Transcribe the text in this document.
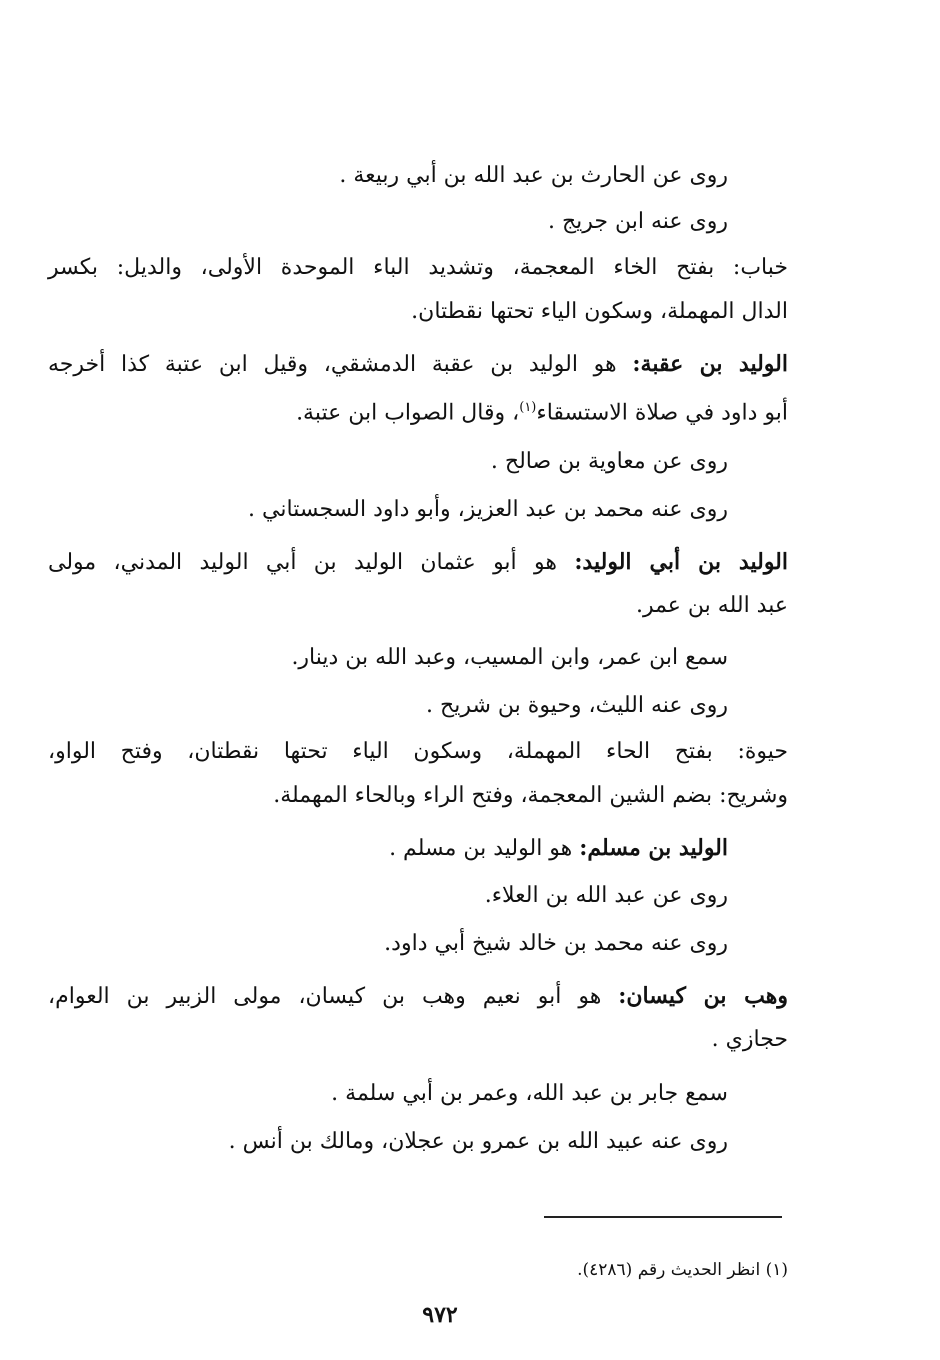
روى عن الحارث بن عبد الله بن أبي ربيعة .
روى عنه ابن جريج .
خباب: بفتح الخاء المعجمة، وتشديد الباء الموحدة الأولى، والديل: بكسر
الدال المهملة، وسكون الياء تحتها نقطتان.
الوليد بن عقبة: هو الوليد بن عقبة الدمشقي، وقيل ابن عتبة كذا أخرجه
أبو داود في صلاة الاستسقاء$^{(١)}$، وقال الصواب ابن عتبة.
روى عن معاوية بن صالح .
روى عنه محمد بن عبد العزيز، وأبو داود السجستاني .
الوليد بن أبي الوليد: هو أبو عثمان الوليد بن أبي الوليد المدني، مولى
عبد الله بن عمر.
سمع ابن عمر، وابن المسيب، وعبد الله بن دينار.
روى عنه الليث، وحيوة بن شريح .
حيوة: بفتح الحاء المهملة، وسكون الياء تحتها نقطتان، وفتح الواو،
وشريح: بضم الشين المعجمة، وفتح الراء وبالحاء المهملة.
الوليد بن مسلم: هو الوليد بن مسلم .
روى عن عبد الله بن العلاء.
روى عنه محمد بن خالد شيخ أبي داود.
وهب بن كيسان: هو أبو نعيم وهب بن كيسان، مولى الزبير بن العوام،
حجازي .
سمع جابر بن عبد الله، وعمر بن أبي سلمة .
روى عنه عبيد الله بن عمرو بن عجلان، ومالك بن أنس .
(١) انظر الحديث رقم (٤٢٨٦).
٩٧٢
